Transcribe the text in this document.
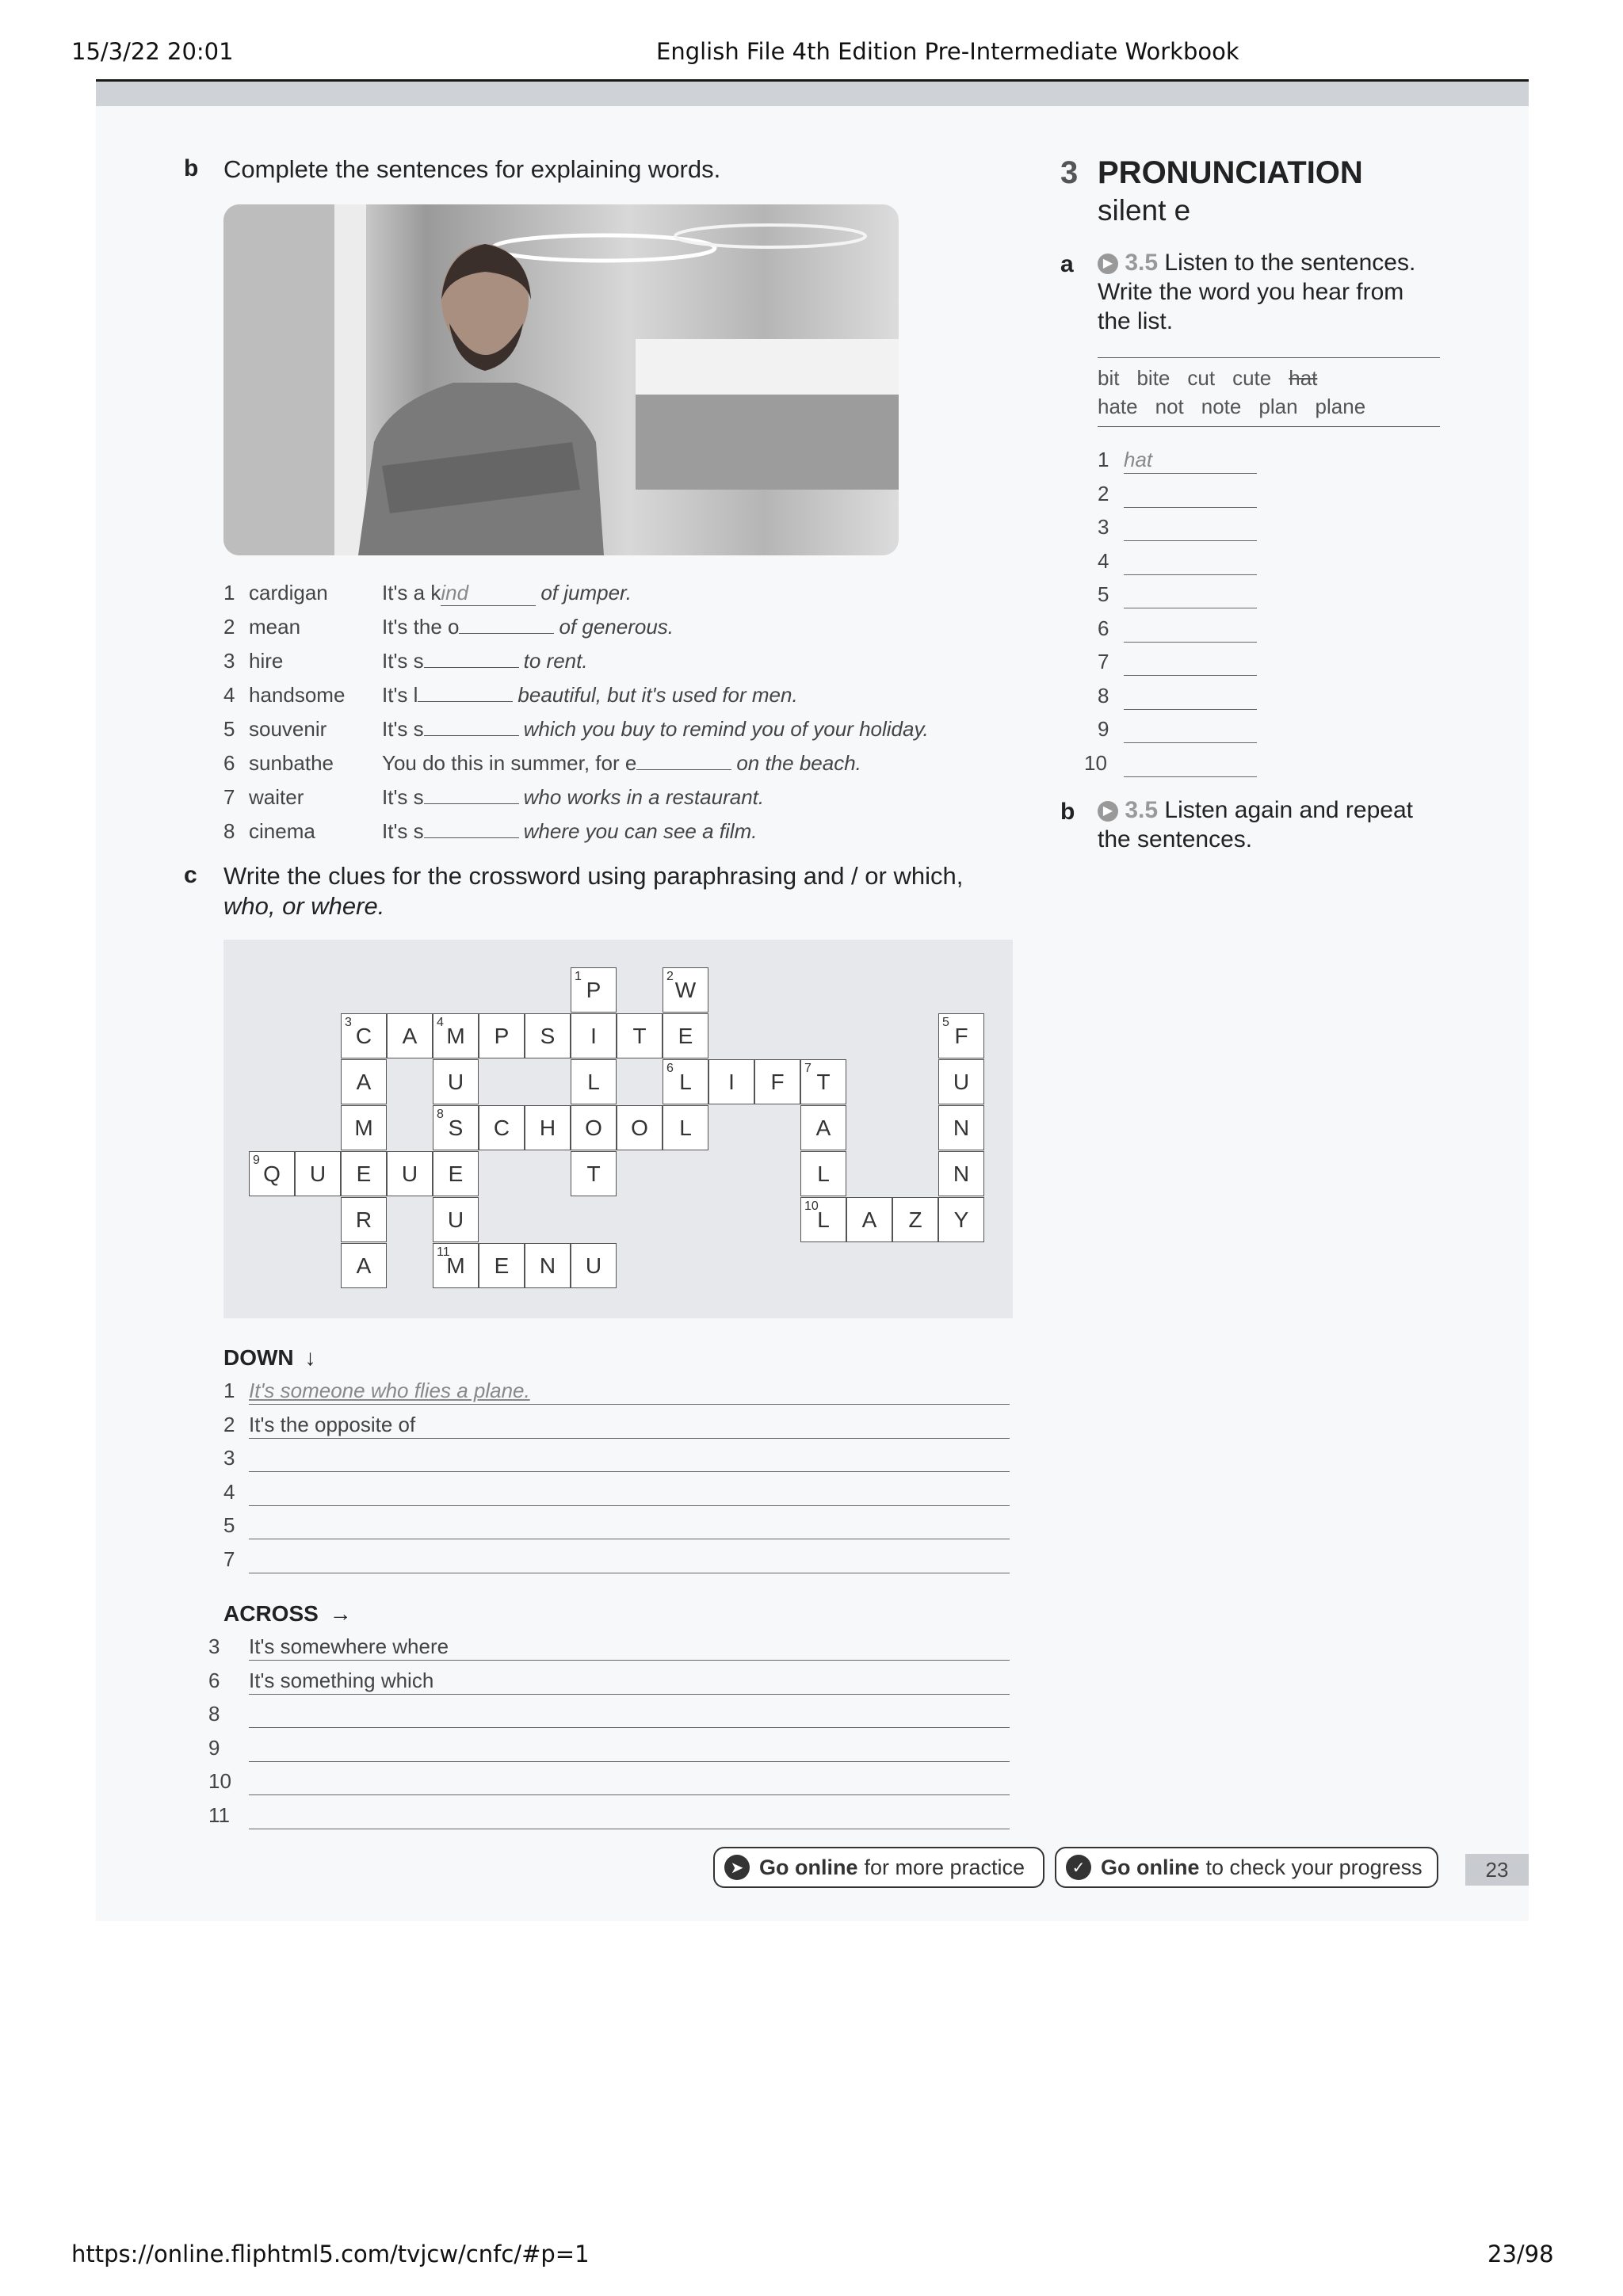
15/3/22 20:01	English File 4th Edition Pre-Intermediate Workbook
https://online.fliphtml5.com/tvjcw/cnfc/#p=1	23/98
b Complete the sentences for explaining words.
1 cardigan	It's a kind	of jumper.
2 mean	It's the o	of generous.
3 hire	It's s	to rent.
4 handsome It's l	beautiful, but it's used for men.
5 souvenir	It's s	which you buy to remind you of your holiday.
6 sunbathe You do this in summer, for e	on the beach.
7 waiter	It's s	who works in a restaurant.
8 cinema	It's s	where you can see a film.
c Write the clues for the crossword using paraphrasing and / or which,
who, or where.
1
P
2
W
3
C A
4
M P S I T E
5
F
A	U	L
6
L I F
7
T	U
M
8
S C H O O L	A	N
9
Q U E U E	T	L	N
R	U
10
L A Z Y
A
11
M E N U
DOWN ↓
1 It's someone who flies a plane.
2 It's the opposite of
3
4
5
7
ACROSS →
3 It's somewhere where
6 It's something which
8
9
10
11
3 PRONUNCIATION
silent e
a	▶ 3.5 Listen to the sentences.
Write the word you hear from
the list.
bit bite cut cute hat
hate not note plan plane
1 hat
2
3
4
5
6
7
8
9
10
b	▶ 3.5 Listen again and repeat
the sentences.
➤ Go online for more practice	✓ Go online to check your progress	23
